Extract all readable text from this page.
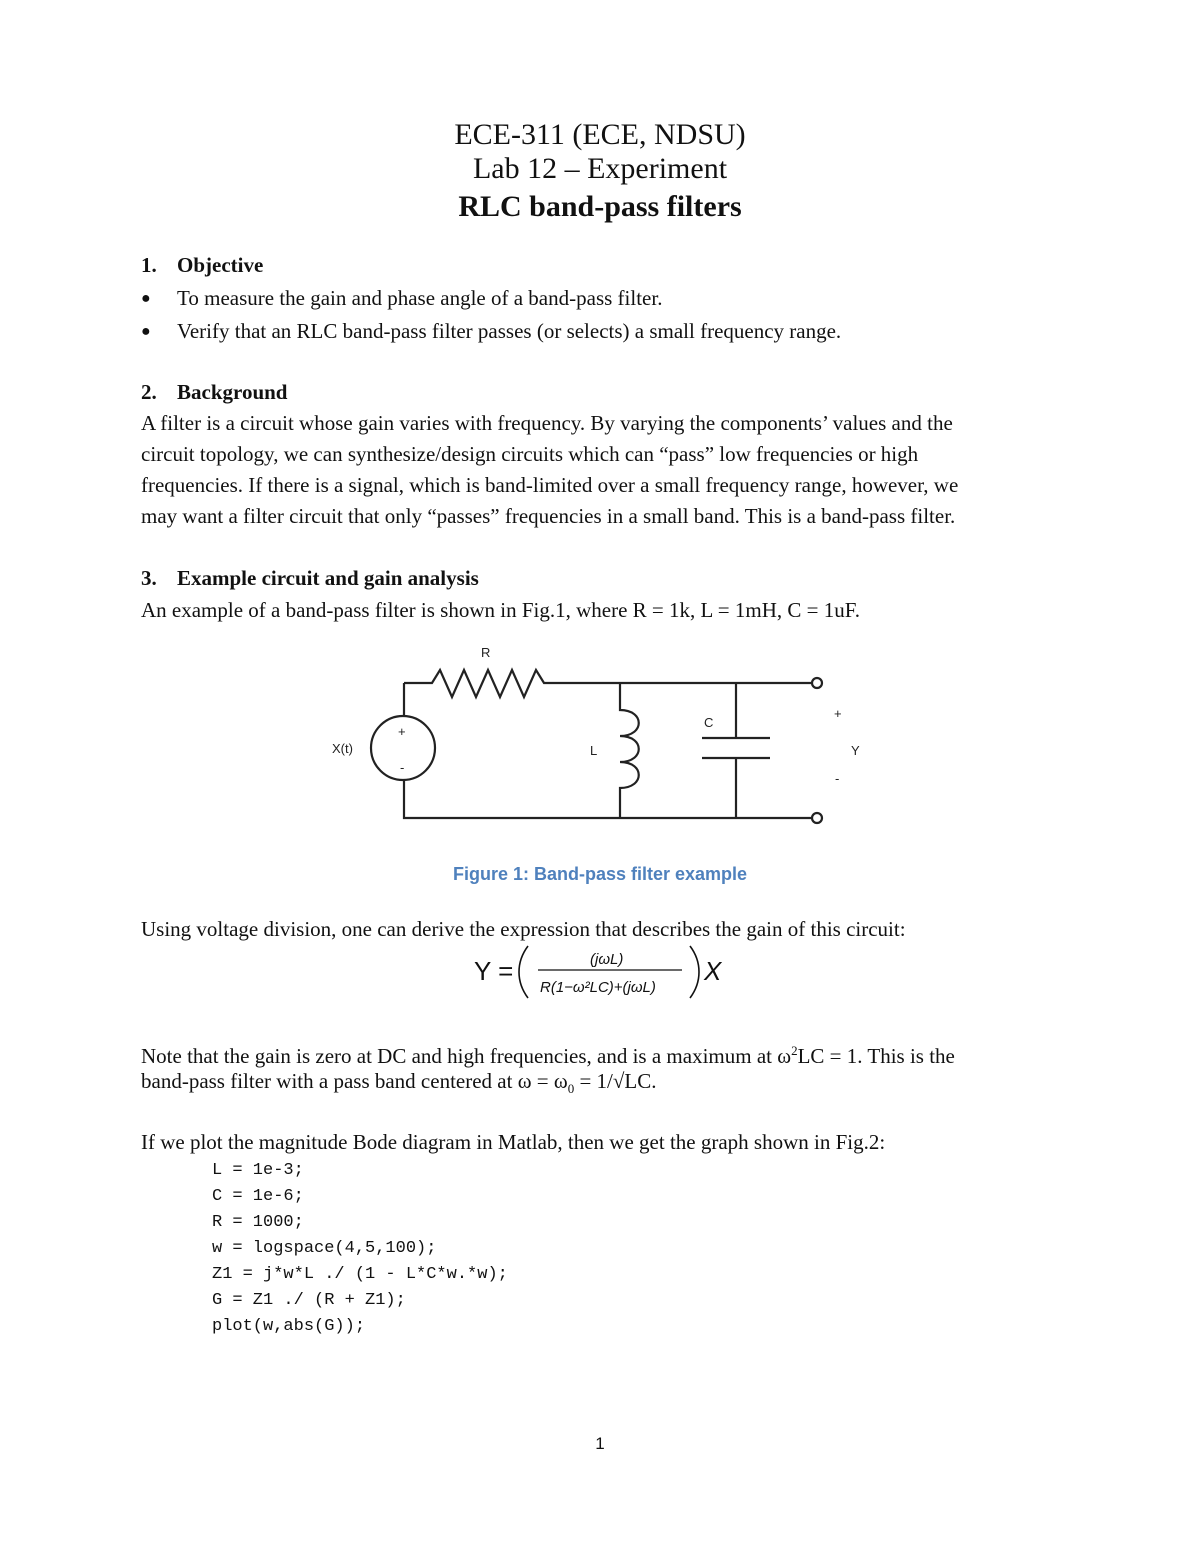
ECE-311 (ECE, NDSU)
Lab 12 – Experiment
RLC band-pass filters
1. Objective
● To measure the gain and phase angle of a band-pass filter.
● Verify that an RLC band-pass filter passes (or selects) a small frequency range.
2. Background
A filter is a circuit whose gain varies with frequency. By varying the components’ values and the
circuit topology, we can synthesize/design circuits which can “pass” low frequencies or high
frequencies. If there is a signal, which is band-limited over a small frequency range, however, we
may want a filter circuit that only “passes” frequencies in a small band. This is a band-pass filter.
3. Example circuit and gain analysis
An example of a band-pass filter is shown in Fig.1, where R = 1k, L = 1mH, C = 1uF.
R
L
C
X(t)	Y
+
-
+
-
Figure 1: Band-pass filter example
Using voltage division, one can derive the expression that describes the gain of this circuit:
Y =	(jωL)
R(1−ω²LC)+(jωL)
X
Note that the gain is zero at DC and high frequencies, and is a maximum at $\omega^2LC = 1$. This is the
band-pass filter with a pass band centered at $\omega = \omega_0 = 1/√LC$.
If we plot the magnitude Bode diagram in Matlab, then we get the graph shown in Fig.2:
L = 1e-3;
C = 1e-6;
R = 1000;
w = logspace(4,5,100);
Z1 = j*w*L ./ (1 - L*C*w.*w);
G = Z1 ./ (R + Z1);
plot(w,abs(G));
1
